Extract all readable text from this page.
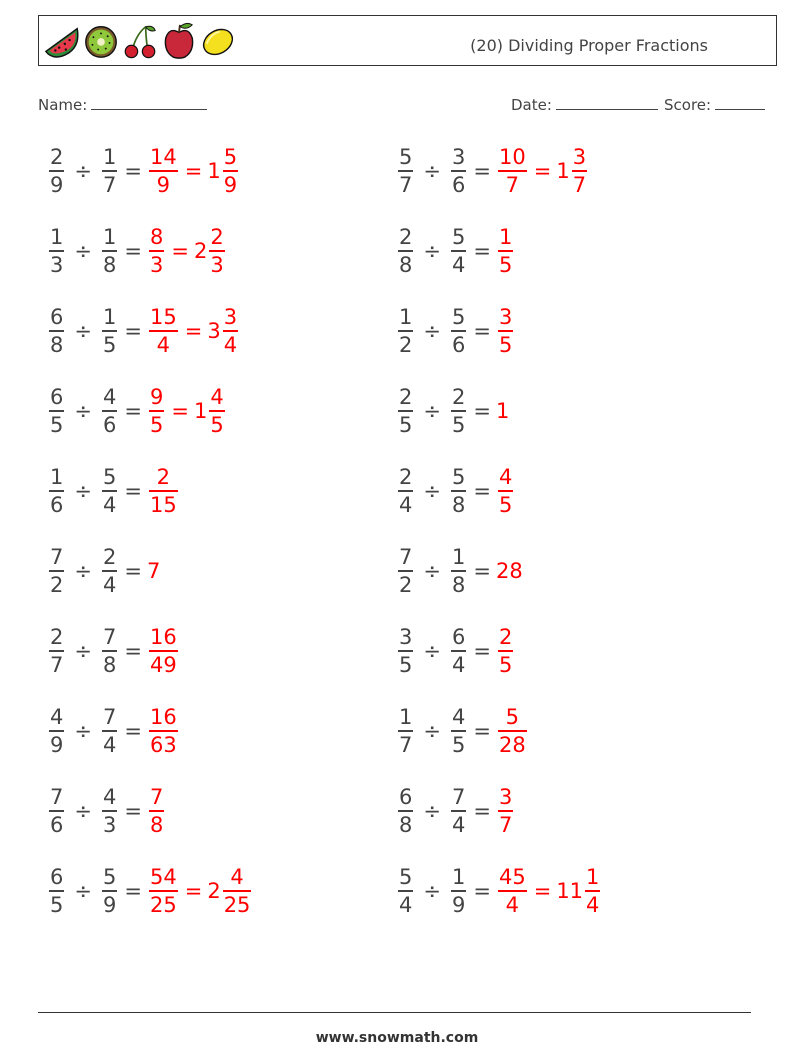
(20) Dividing Proper Fractions
Name:	Date:	Score:
$\frac{2}{9} \div \frac{1}{7} = \frac{14}{9} = 1 \frac{5}{9}$	$\frac{5}{7} \div \frac{3}{6} = \frac{10}{7} = 1 \frac{3}{7}$
$\frac{1}{3} \div \frac{1}{8} = \frac{8}{3} = 2 \frac{2}{3}$	$\frac{2}{8} \div \frac{5}{4} = \frac{1}{5}$
$\frac{6}{8} \div \frac{1}{5} = \frac{15}{4} = 3 \frac{3}{4}$	$\frac{1}{2} \div \frac{5}{6} = \frac{3}{5}$
$\frac{6}{5} \div \frac{4}{6} = \frac{9}{5} = 1 \frac{4}{5}$	$\frac{2}{5} \div \frac{2}{5} = 1$
$\frac{1}{6} \div \frac{5}{4} = \frac{2}{15}$	$\frac{2}{4} \div \frac{5}{8} = \frac{4}{5}$
$\frac{7}{2} \div \frac{2}{4} = 7$	$\frac{7}{2} \div \frac{1}{8} = 28$
$\frac{2}{7} \div \frac{7}{8} = \frac{16}{49}$	$\frac{3}{5} \div \frac{6}{4} = \frac{2}{5}$
$\frac{4}{9} \div \frac{7}{4} = \frac{16}{63}$	$\frac{1}{7} \div \frac{4}{5} = \frac{5}{28}$
$\frac{7}{6} \div \frac{4}{3} = \frac{7}{8}$	$\frac{6}{8} \div \frac{7}{4} = \frac{3}{7}$
$\frac{6}{5} \div \frac{5}{9} = \frac{54}{25} = 2 \frac{4}{25}$	$\frac{5}{4} \div \frac{1}{9} = \frac{45}{4} = 11 \frac{1}{4}$
www.snowmath.com
